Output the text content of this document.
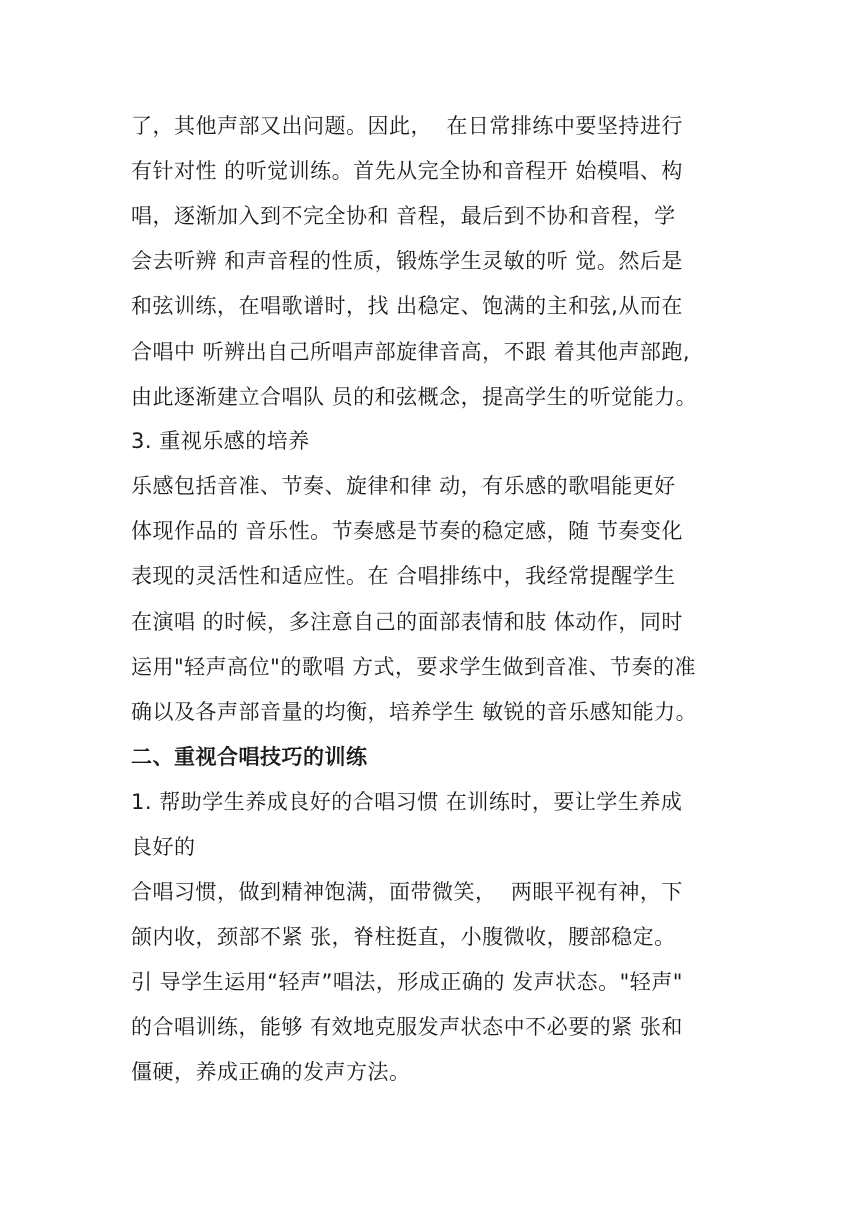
了，其他声部又出问题。因此，  在日常排练中要坚持进行
有针对性 的听觉训练。首先从完全协和音程开 始模唱、构
唱，逐渐加入到不完全协和 音程，最后到不协和音程，学
会去听辨 和声音程的性质，锻炼学生灵敏的听 觉。然后是
和弦训练，在唱歌谱时，找 出稳定、饱满的主和弦,从而在
合唱中 听辨出自己所唱声部旋律音高，不跟 着其他声部跑,
由此逐渐建立合唱队 员的和弦概念，提高学生的听觉能力。
3. 重视乐感的培养
乐感包括音准、节奏、旋律和律 动，有乐感的歌唱能更好
体现作品的 音乐性。节奏感是节奏的稳定感，随 节奏变化
表现的灵活性和适应性。在 合唱排练中，我经常提醒学生
在演唱 的时候，多注意自己的面部表情和肢 体动作，同时
运用"轻声高位"的歌唱 方式，要求学生做到音准、节奏的准
确以及各声部音量的均衡，培养学生 敏锐的音乐感知能力。
二、重视合唱技巧的训练
1. 帮助学生养成良好的合唱习惯 在训练时，要让学生养成
良好的
合唱习惯，做到精神饱满，面带微笑，  两眼平视有神，下
颌内收，颈部不紧 张，脊柱挺直，小腹微收，腰部稳定。
引 导学生运用“轻声”唱法，形成正确的 发声状态。"轻声"
的合唱训练，能够 有效地克服发声状态中不必要的紧 张和
僵硬，养成正确的发声方法。
